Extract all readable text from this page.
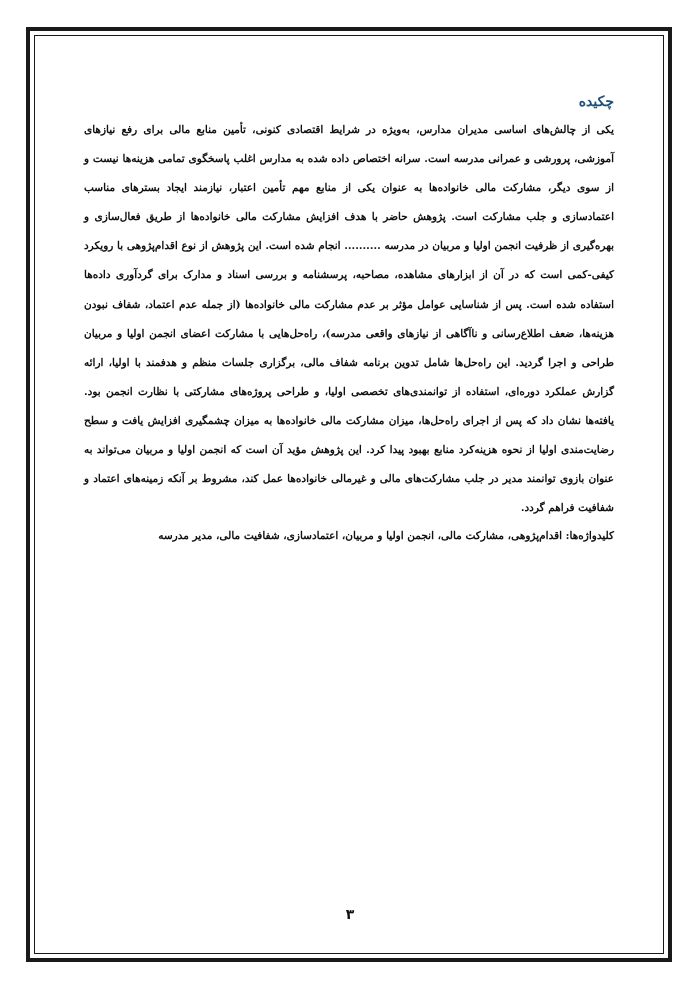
چکیده

یکی از چالش‌های اساسی مدیران مدارس، به‌ویژه در شرایط اقتصادی کنونی، تأمین منابع مالی برای رفع نیازهای آموزشی، پرورشی و عمرانی مدرسه است. سرانه اختصاص داده شده به مدارس اغلب پاسخگوی تمامی هزینه‌ها نیست و از سوی دیگر، مشارکت مالی خانواده‌ها به عنوان یکی از منابع مهم تأمین اعتبار، نیازمند ایجاد بسترهای مناسب اعتمادسازی و جلب مشارکت است. پژوهش حاضر با هدف افزایش مشارکت مالی خانواده‌ها از طریق فعال‌سازی و بهره‌گیری از ظرفیت انجمن اولیا و مربیان در مدرسه .......... انجام شده است. این پژوهش از نوع اقدام‌پژوهی با رویکرد کیفی-کمی است که در آن از ابزارهای مشاهده، مصاحبه، پرسشنامه و بررسی اسناد و مدارک برای گردآوری داده‌ها استفاده شده است. پس از شناسایی عوامل مؤثر بر عدم مشارکت مالی خانواده‌ها (از جمله عدم اعتماد، شفاف نبودن هزینه‌ها، ضعف اطلاع‌رسانی و ناآگاهی از نیازهای واقعی مدرسه)، راه‌حل‌هایی با مشارکت اعضای انجمن اولیا و مربیان طراحی و اجرا گردید. این راه‌حل‌ها شامل تدوین برنامه شفاف مالی، برگزاری جلسات منظم و هدفمند با اولیا، ارائه گزارش عملکرد دوره‌ای، استفاده از توانمندی‌های تخصصی اولیا، و طراحی پروژه‌های مشارکتی با نظارت انجمن بود. یافته‌ها نشان داد که پس از اجرای راه‌حل‌ها، میزان مشارکت مالی خانواده‌ها به میزان چشمگیری افزایش یافت و سطح رضایت‌مندی اولیا از نحوه هزینه‌کرد منابع بهبود پیدا کرد. این پژوهش مؤید آن است که انجمن اولیا و مربیان می‌تواند به عنوان بازوی توانمند مدیر در جلب مشارکت‌های مالی و غیرمالی خانواده‌ها عمل کند، مشروط بر آنکه زمینه‌های اعتماد و شفافیت فراهم گردد.

کلیدواژه‌ها: اقدام‌پژوهی، مشارکت مالی، انجمن اولیا و مربیان، اعتمادسازی، شفافیت مالی، مدیر مدرسه

۳
